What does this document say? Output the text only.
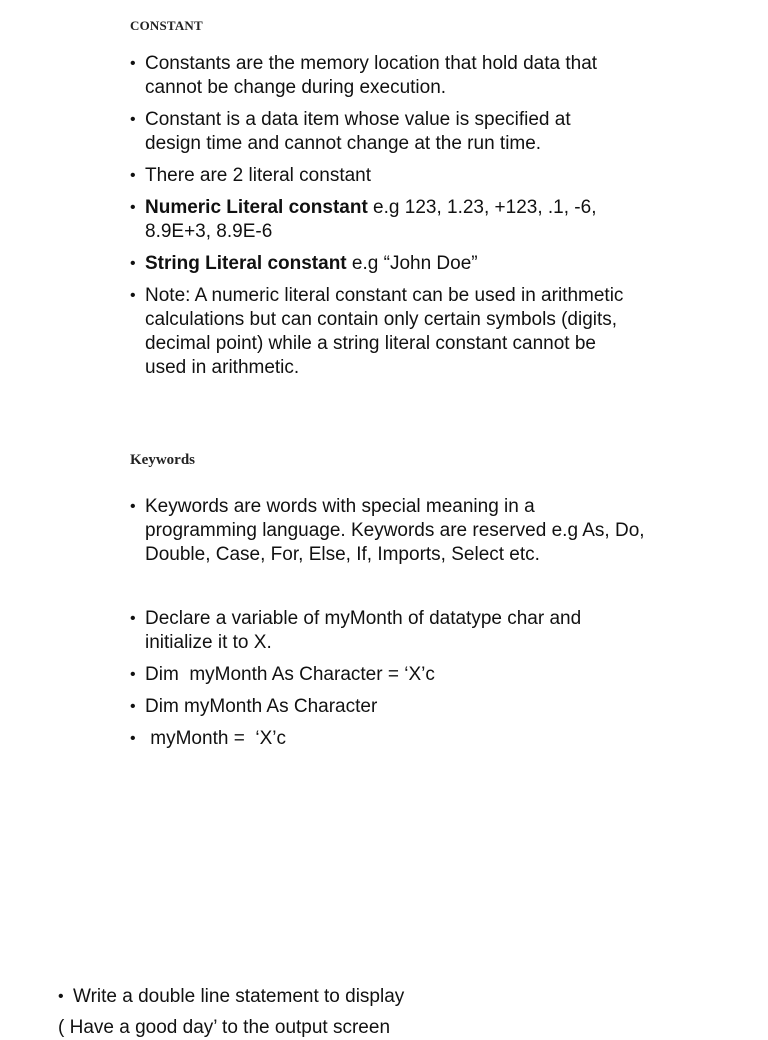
CONSTANT
• Constants are the memory location that hold data that cannot be change during execution.
• Constant is a data item whose value is specified at design time and cannot change at the run time.
• There are 2 literal constant
• Numeric Literal constant e.g 123, 1.23, +123, .1, -6, 8.9E+3, 8.9E-6
• String Literal constant e.g “John Doe”
• Note: A numeric literal constant can be used in arithmetic calculations but can contain only certain symbols (digits, decimal point) while a string literal constant cannot be used in arithmetic.
Keywords
• Keywords are words with special meaning in a programming language. Keywords are reserved e.g As, Do, Double, Case, For, Else, If, Imports, Select etc.
• Declare a variable of myMonth of datatype char and initialize it to X.
• Dim  myMonth As Character = ‘X’c
• Dim myMonth As Character
• myMonth =  ‘X’c
• Write a double line statement to display
( Have a good day’ to the output screen
